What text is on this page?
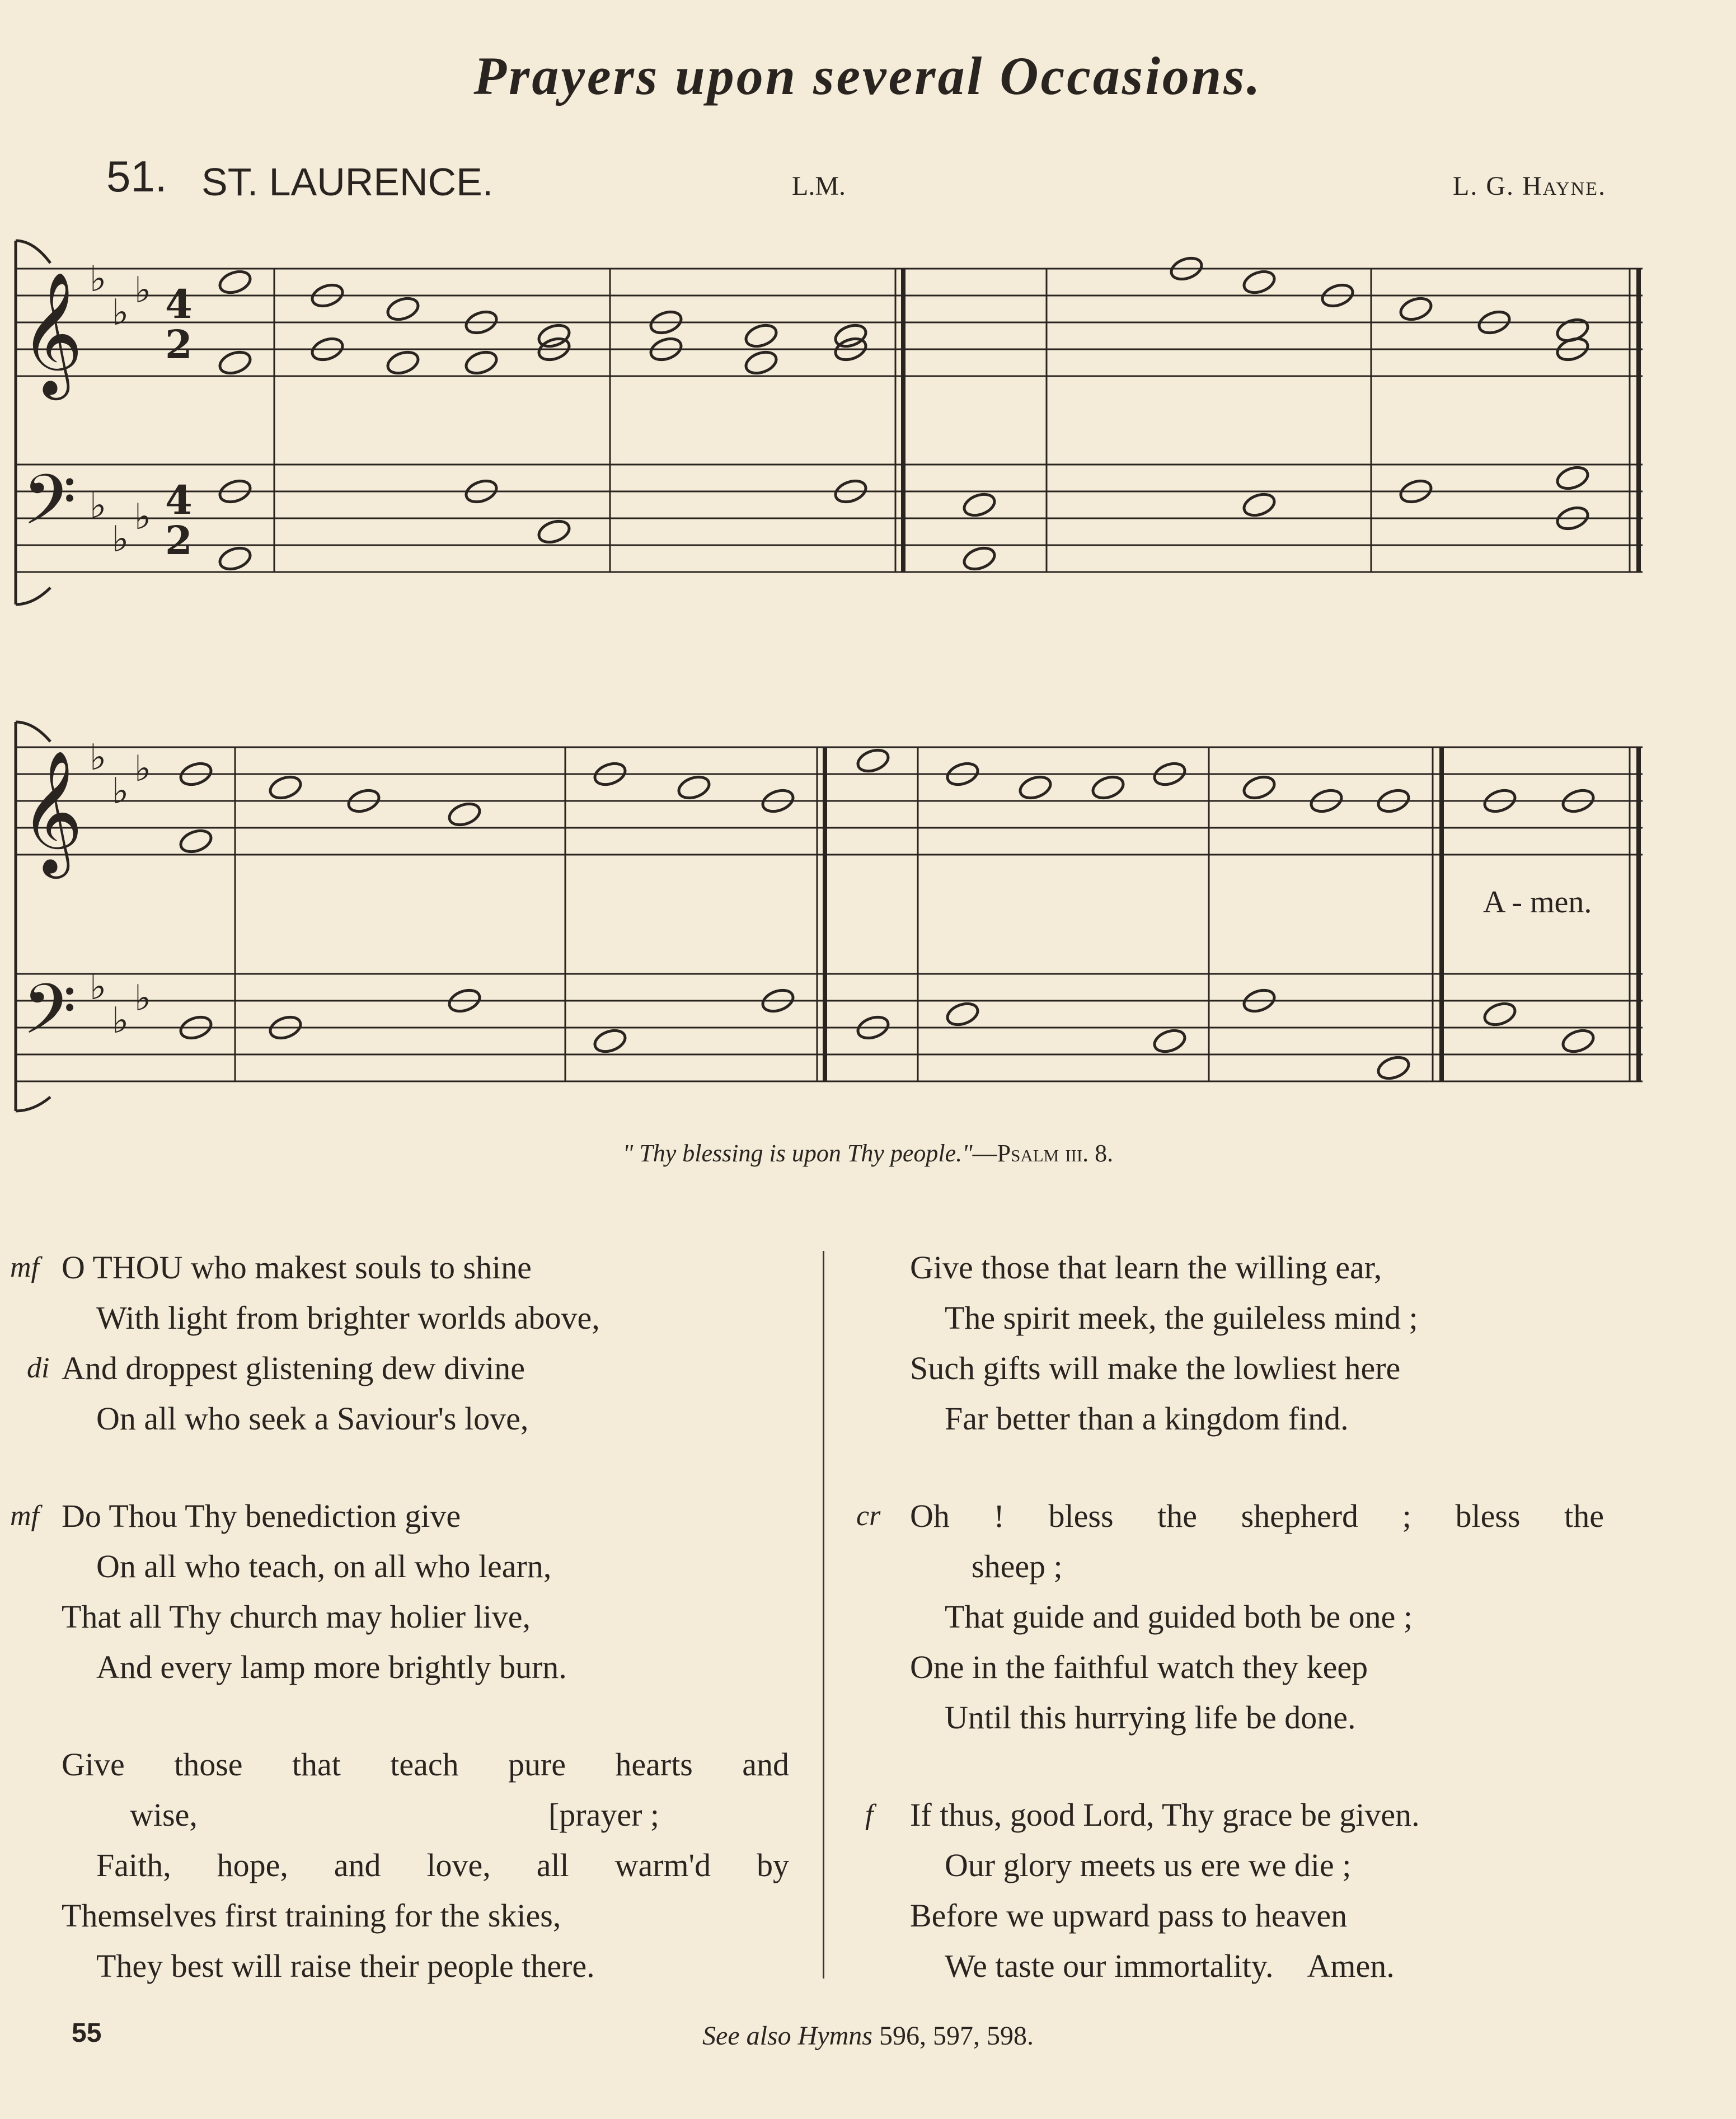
Prayers upon several Occasions.
51. ST. LAURENCE.	L.M.	L. G. Hayne.
𝄞
𝄢
𝄞
𝄢
♭
♭
♭
♭
♭
♭
♭
♭
♭
♭
♭
♭
4
2
4
2
A - men.
" Thy blessing is upon Thy people."—Psalm iii. 8.
mf O THOU who makest souls to shine
With light from brighter worlds above,
di And droppest glistening dew divine
On all who seek a Saviour's love,
mf Do Thou Thy benediction give
On all who teach, on all who learn,
That all Thy church may holier live,
And every lamp more brightly burn.
Give those that teach pure hearts and
wise,	[prayer ;
Faith, hope, and love, all warm'd by
Themselves first training for the skies,
They best will raise their people there.
Give those that learn the willing ear,
The spirit meek, the guileless mind ;
Such gifts will make the lowliest here
Far better than a kingdom find.
cr Oh ! bless the shepherd ; bless the
sheep ;
That guide and guided both be one ;
One in the faithful watch they keep
Until this hurrying life be done.
f If thus, good Lord, Thy grace be given.
Our glory meets us ere we die ;
Before we upward pass to heaven
We taste our immortality. Amen.
55	See also Hymns 596, 597, 598.
